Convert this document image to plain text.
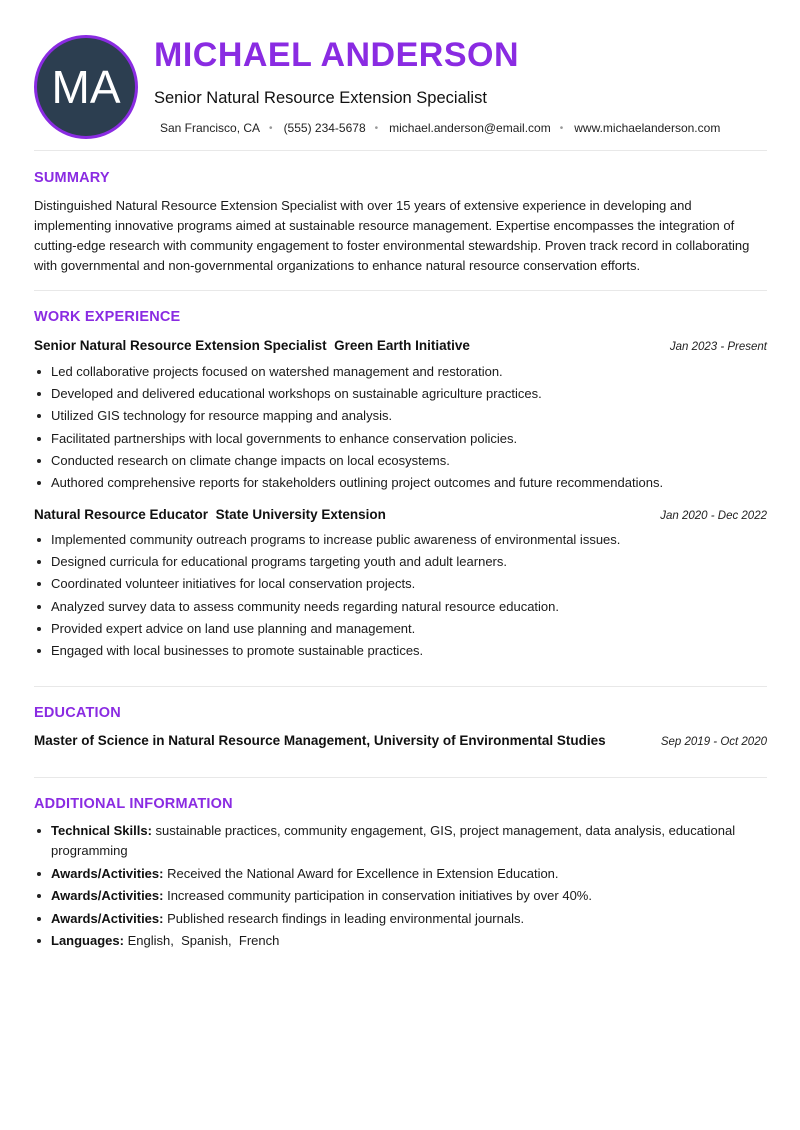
MA
MICHAEL ANDERSON
Senior Natural Resource Extension Specialist
San Francisco, CA • (555) 234-5678 • michael.anderson@email.com • www.michaelanderson.com
SUMMARY
Distinguished Natural Resource Extension Specialist with over 15 years of extensive experience in developing and implementing innovative programs aimed at sustainable resource management. Expertise encompasses the integration of cutting-edge research with community engagement to foster environmental stewardship. Proven track record in collaborating with governmental and non-governmental organizations to enhance natural resource conservation efforts.
WORK EXPERIENCE
Senior Natural Resource Extension Specialist Green Earth Initiative	Jan 2023 - Present
Led collaborative projects focused on watershed management and restoration.
Developed and delivered educational workshops on sustainable agriculture practices.
Utilized GIS technology for resource mapping and analysis.
Facilitated partnerships with local governments to enhance conservation policies.
Conducted research on climate change impacts on local ecosystems.
Authored comprehensive reports for stakeholders outlining project outcomes and future recommendations.
Natural Resource Educator State University Extension	Jan 2020 - Dec 2022
Implemented community outreach programs to increase public awareness of environmental issues.
Designed curricula for educational programs targeting youth and adult learners.
Coordinated volunteer initiatives for local conservation projects.
Analyzed survey data to assess community needs regarding natural resource education.
Provided expert advice on land use planning and management.
Engaged with local businesses to promote sustainable practices.
EDUCATION
Master of Science in Natural Resource Management, University of Environmental Studies	Sep 2019 - Oct 2020
ADDITIONAL INFORMATION
Technical Skills: sustainable practices, community engagement, GIS, project management, data analysis, educational programming
Awards/Activities: Received the National Award for Excellence in Extension Education.
Awards/Activities: Increased community participation in conservation initiatives by over 40%.
Awards/Activities: Published research findings in leading environmental journals.
Languages: English,  Spanish,  French
